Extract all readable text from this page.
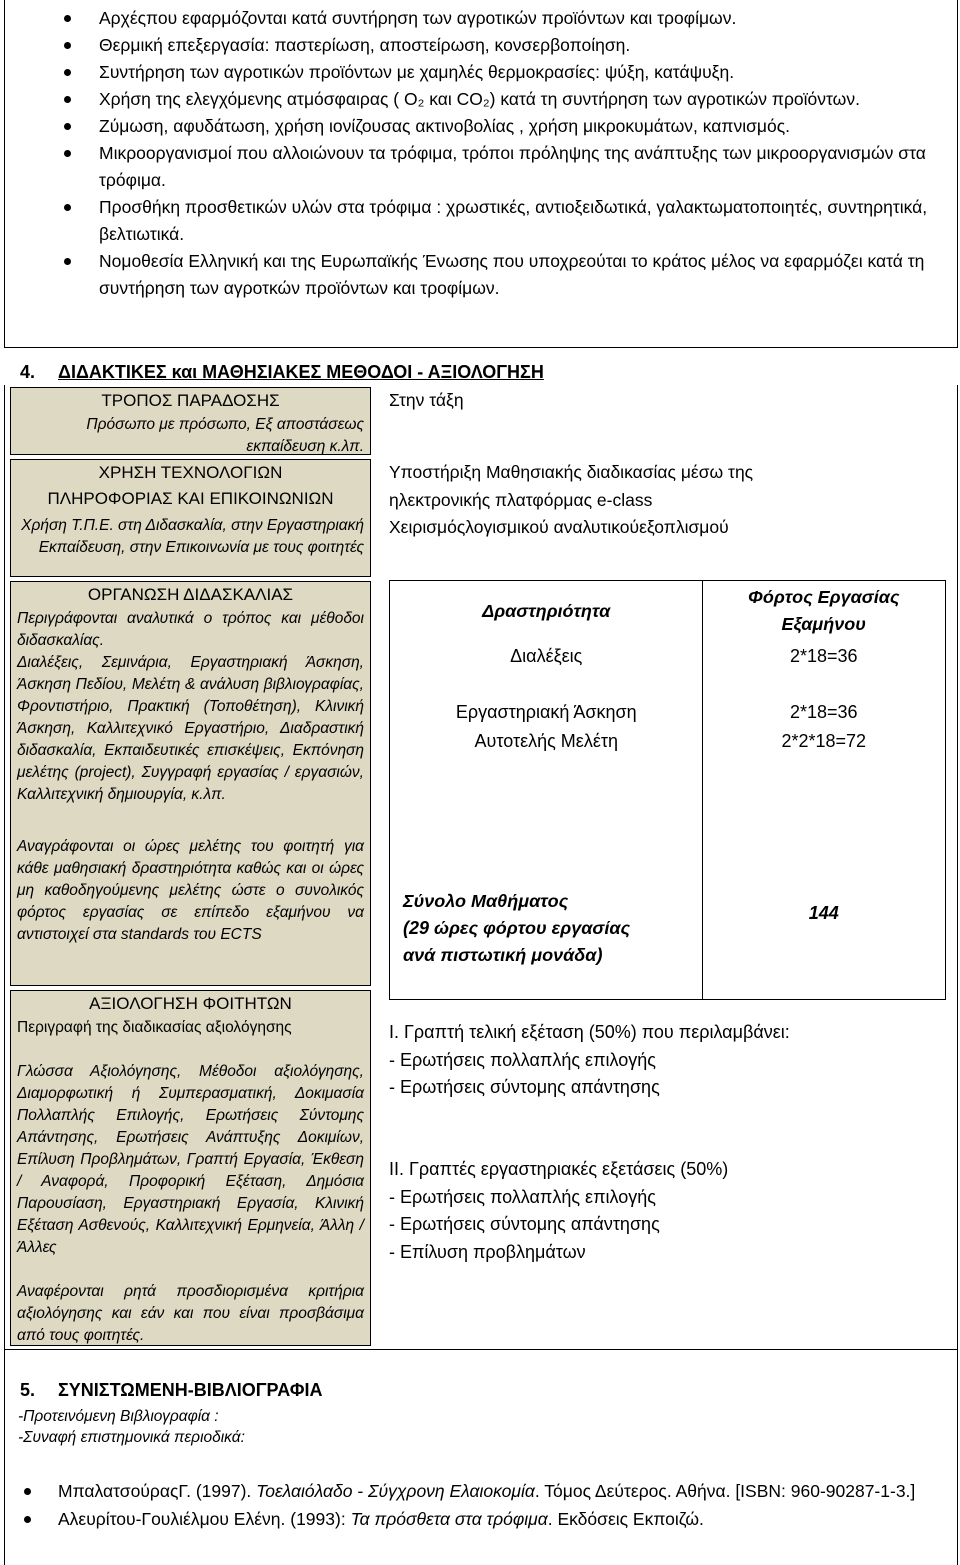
Αρχέςπου εφαρμόζονται κατά συντήρηση των αγροτικών προϊόντων και τροφίμων.
Θερμική επεξεργασία: παστερίωση, αποστείρωση, κονσερβοποίηση.
Συντήρηση των αγροτικών προϊόντων με χαμηλές θερμοκρασίες: ψύξη, κατάψυξη.
Χρήση της ελεγχόμενης ατμόσφαιρας ( O₂ και CO₂) κατά τη συντήρηση των αγροτικών προϊόντων.
Ζύμωση, αφυδάτωση, χρήση ιονίζουσας ακτινοβολίας , χρήση μικροκυμάτων, καπνισμός.
Μικροοργανισμοί που αλλοιώνουν τα τρόφιμα, τρόποι πρόληψης της ανάπτυξης των μικροοργανισμών στα τρόφιμα.
Προσθήκη προσθετικών υλών στα τρόφιμα : χρωστικές, αντιοξειδωτικά, γαλακτωματοποιητές, συντηρητικά, βελτιωτικά.
Νομοθεσία Ελληνική και της Ευρωπαϊκής Ένωσης που υποχρεούται το κράτος μέλος να εφαρμόζει κατά τη συντήρηση των αγροτκών προϊόντων και τροφίμων.
4. ΔΙΔΑΚΤΙΚΕΣ και ΜΑΘΗΣΙΑΚΕΣ ΜΕΘΟΔΟΙ - ΑΞΙΟΛΟΓΗΣΗ
ΤΡΟΠΟΣ ΠΑΡΑΔΟΣΗΣ
Πρόσωπο με πρόσωπο, Εξ αποστάσεως εκπαίδευση κ.λπ.
Στην τάξη
ΧΡΗΣΗ ΤΕΧΝΟΛΟΓΙΩΝ
ΠΛΗΡΟΦΟΡΙΑΣ ΚΑΙ ΕΠΙΚΟΙΝΩΝΙΩΝ
Χρήση Τ.Π.Ε. στη Διδασκαλία, στην Εργαστηριακή Εκπαίδευση, στην Επικοινωνία με τους φοιτητές
Υποστήριξη Μαθησιακής διαδικασίας μέσω της
ηλεκτρονικής πλατφόρμας e-class
Χειρισμόςλογισμικού αναλυτικούεξοπλισμού
ΟΡΓΑΝΩΣΗ ΔΙΔΑΣΚΑΛΙΑΣ
Περιγράφονται αναλυτικά ο τρόπος και μέθοδοι διδασκαλίας.
Διαλέξεις, Σεμινάρια, Εργαστηριακή Άσκηση, Άσκηση Πεδίου, Μελέτη & ανάλυση βιβλιογραφίας, Φροντιστήριο, Πρακτική (Τοποθέτηση), Κλινική Άσκηση, Καλλιτεχνικό Εργαστήριο, Διαδραστική διδασκαλία, Εκπαιδευτικές επισκέψεις, Εκπόνηση μελέτης (project), Συγγραφή εργασίας / εργασιών, Καλλιτεχνική δημιουργία, κ.λπ.
Αναγράφονται οι ώρες μελέτης του φοιτητή για κάθε μαθησιακή δραστηριότητα καθώς και οι ώρες μη καθοδηγούμενης μελέτης ώστε ο συνολικός φόρτος εργασίας σε επίπεδο εξαμήνου να αντιστοιχεί στα standards του ECTS
Δραστηριότητα	Φόρτος Εργασίας
Εξαμήνου

Διαλέξεις	2*18=36
Εργαστηριακή Άσκηση	2*18=36
Αυτοτελής Μελέτη	2*2*18=72

Σύνολο Μαθήματος
(29 ώρες φόρτου εργασίας
ανά πιστωτική μονάδα)	144
ΑΞΙΟΛΟΓΗΣΗ ΦΟΙΤΗΤΩΝ
Περιγραφή της διαδικασίας αξιολόγησης
Γλώσσα Αξιολόγησης, Μέθοδοι αξιολόγησης, Διαμορφωτική ή Συμπερασματική, Δοκιμασία Πολλαπλής Επιλογής, Ερωτήσεις Σύντομης Απάντησης, Ερωτήσεις Ανάπτυξης Δοκιμίων, Επίλυση Προβλημάτων, Γραπτή Εργασία, Έκθεση / Αναφορά, Προφορική Εξέταση, Δημόσια Παρουσίαση, Εργαστηριακή Εργασία, Κλινική Εξέταση Ασθενούς, Καλλιτεχνική Ερμηνεία, Άλλη / Άλλες
Αναφέρονται ρητά προσδιορισμένα κριτήρια αξιολόγησης και εάν και που είναι προσβάσιμα από τους φοιτητές.
Ι. Γραπτή τελική εξέταση (50%) που περιλαμβάνει:
- Ερωτήσεις πολλαπλής επιλογής
- Ερωτήσεις σύντομης απάντησης
ΙΙ. Γραπτές εργαστηριακές εξετάσεις (50%)
- Ερωτήσεις πολλαπλής επιλογής
- Ερωτήσεις σύντομης απάντησης
- Επίλυση προβλημάτων
5. ΣΥΝΙΣΤΩΜΕΝΗ-ΒΙΒΛΙΟΓΡΑΦΙΑ
-Προτεινόμενη Βιβλιογραφία :
-Συναφή επιστημονικά περιοδικά:
ΜπαλατσούραςΓ. (1997). Τοελαιόλαδο - Σύγχρονη Ελαιοκομία. Τόμος Δεύτερος. Αθήνα. [ISBN: 960-90287-1-3.]
Αλευρίτου-Γουλιέλμου Ελένη. (1993): Τα πρόσθετα στα τρόφιμα. Εκδόσεις Εκποιζώ.
